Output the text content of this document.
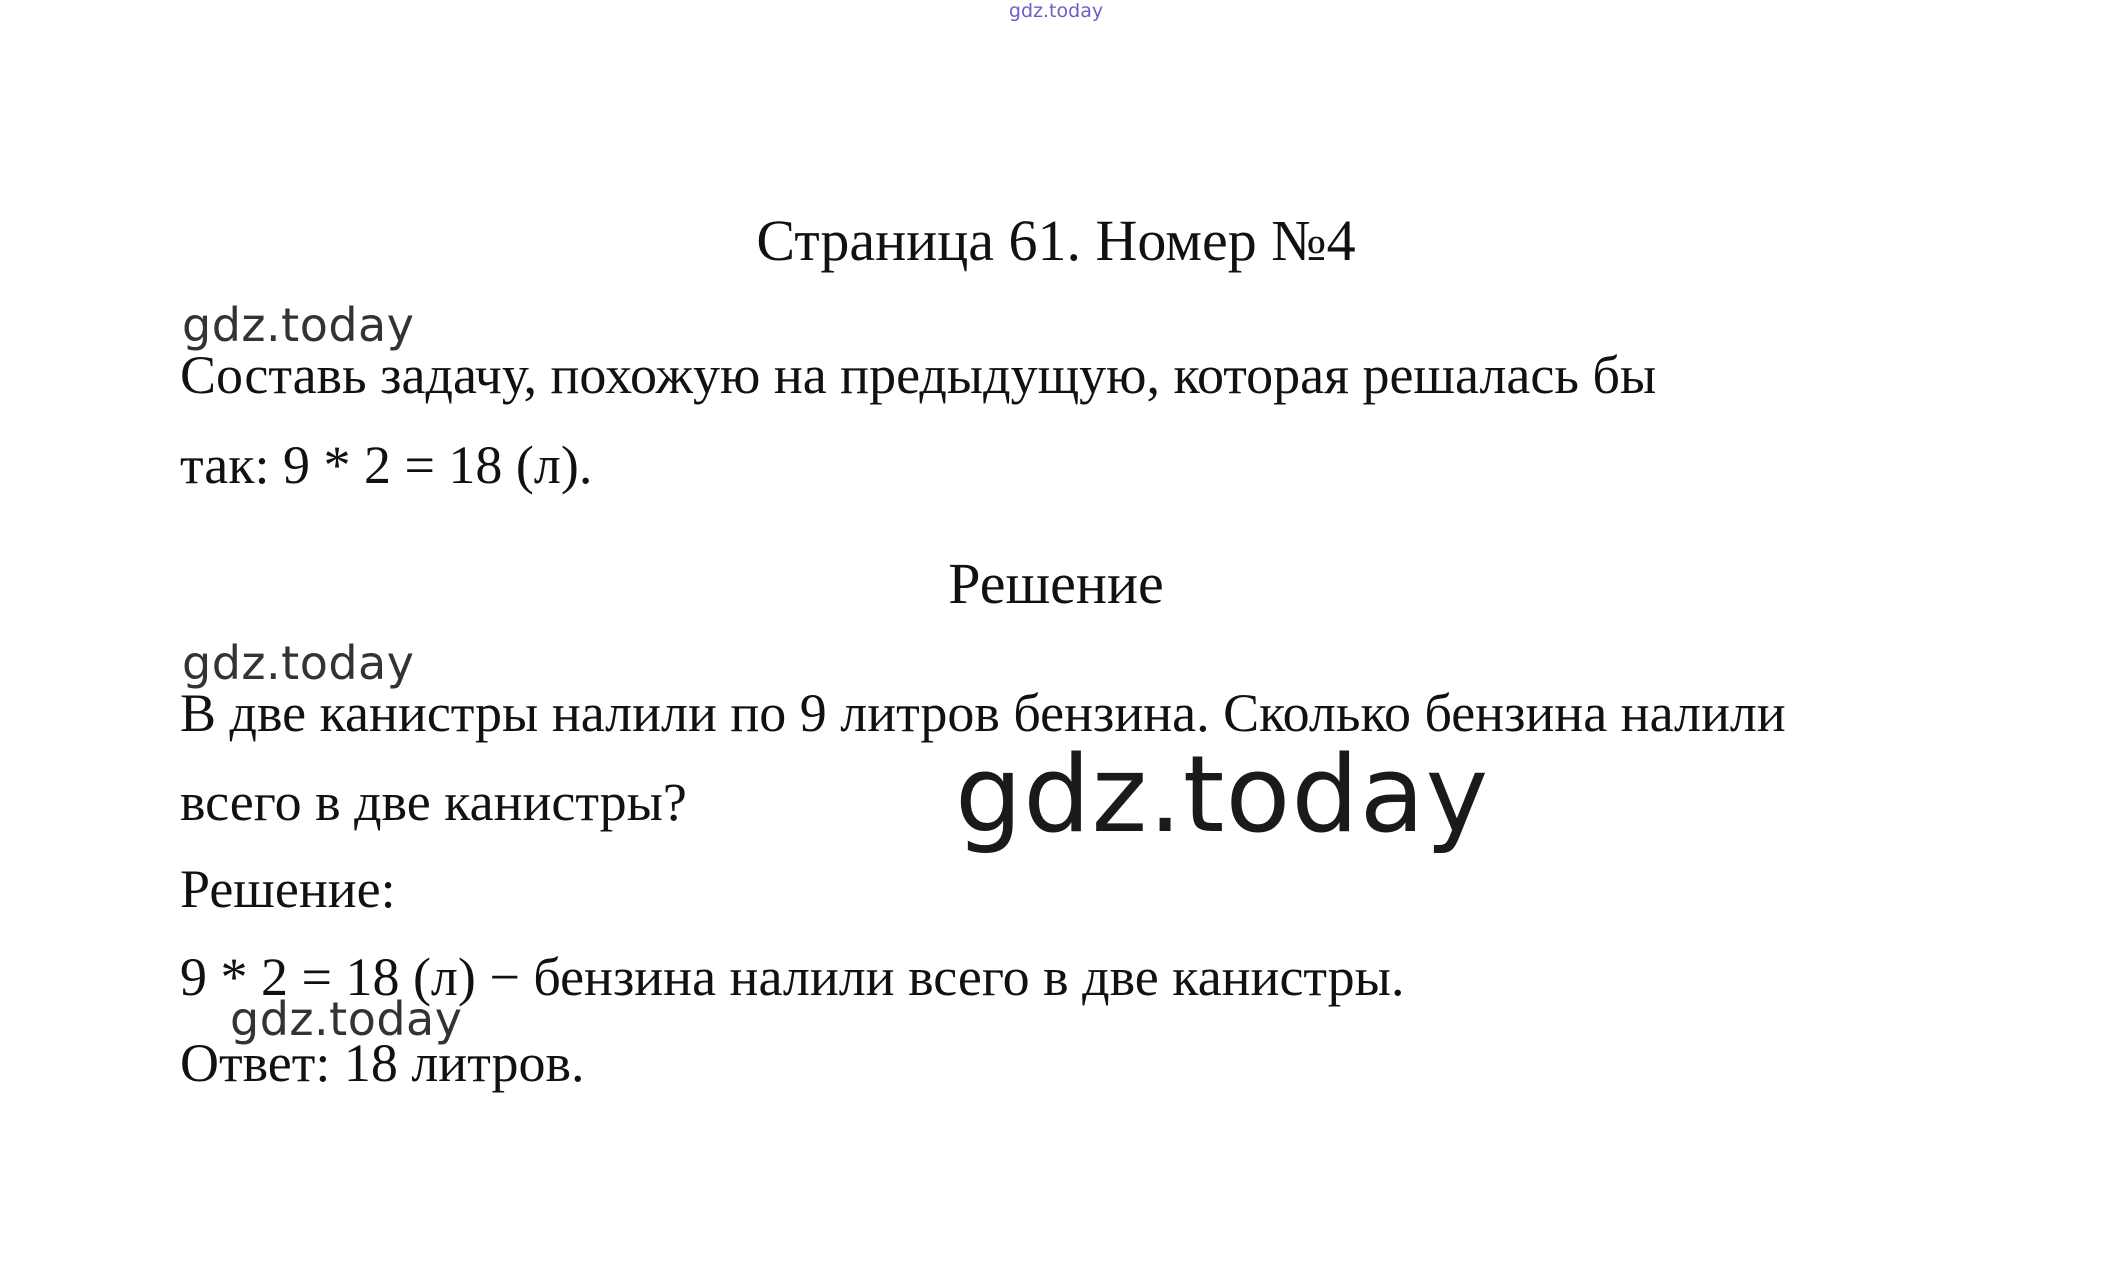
gdz.today
Страница 61. Номер №4
gdz.today
Составь задачу, похожую на предыдущую, которая решалась бы
так: 9 * 2 = 18 (л).
Решение
gdz.today
В две канистры налили по 9 литров бензина. Сколько бензина налили
всего в две канистры?	gdz.today
Решение:
9 * 2 = 18 (л) − бензина налили всего в две канистры.
gdz.today
Ответ: 18 литров.
